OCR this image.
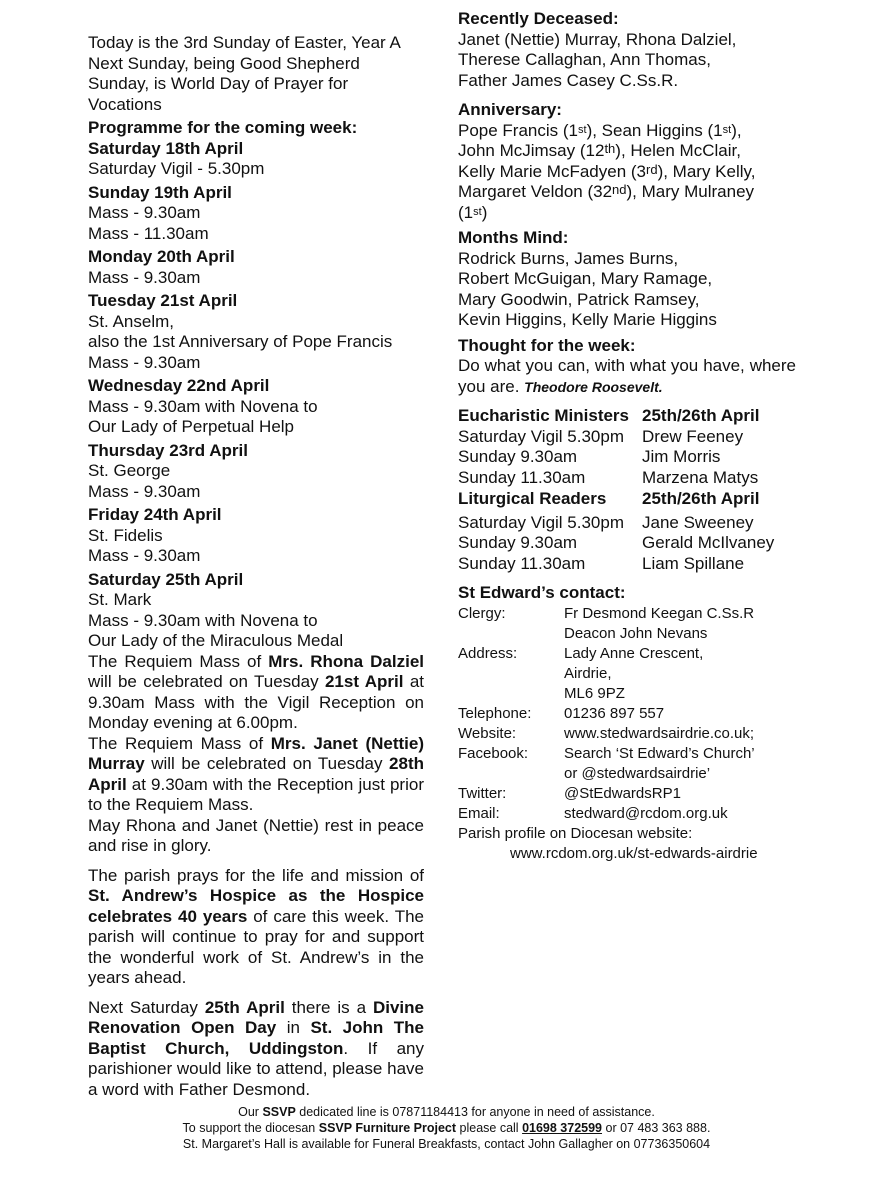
Today is the 3rd Sunday of Easter, Year A

Next Sunday, being Good Shepherd Sunday, is World Day of Prayer for Vocations

Programme for the coming week:

Saturday 18th April

Saturday Vigil - 5.30pm

Sunday 19th April

Mass - 9.30am

Mass - 11.30am

Monday 20th April

Mass - 9.30am

Tuesday 21st April

St. Anselm,

also the 1st Anniversary of Pope Francis

Mass - 9.30am

Wednesday 22nd April

Mass - 9.30am with Novena to

Our Lady of Perpetual Help

Thursday 23rd April

St. George

Mass - 9.30am

Friday 24th April

St. Fidelis

Mass - 9.30am

Saturday 25th April

St. Mark

Mass - 9.30am with Novena to

Our Lady of the Miraculous Medal

The Requiem Mass of Mrs. Rhona Dalziel will be celebrated on Tuesday 21st April at 9.30am Mass with the Vigil Reception on Monday evening at 6.00pm.

The Requiem Mass of Mrs. Janet (Nettie) Murray will be celebrated on Tuesday 28th April at 9.30am with the Reception just prior to the Requiem Mass.

May Rhona and Janet (Nettie) rest in peace and rise in glory.

The parish prays for the life and mission of St. Andrew’s Hospice as the Hospice celebrates 40 years of care this week. The parish will continue to pray for and support the wonderful work of St. Andrew’s in the years ahead.

Next Saturday 25th April there is a Divine Renovation Open Day in St. John The Baptist Church, Uddingston. If any parishioner would like to attend, please have a word with Father Desmond.

Recently Deceased:

Janet (Nettie) Murray, Rhona Dalziel,

Therese Callaghan, Ann Thomas,

Father James Casey C.Ss.R.

Anniversary:

Pope Francis (1st), Sean Higgins (1st),

John McJimsay (12th), Helen McClair,

Kelly Marie McFadyen (3rd), Mary Kelly,

Margaret Veldon (32nd), Mary Mulraney

(1st)

Months Mind:

Rodrick Burns, James Burns,

Robert McGuigan, Mary Ramage,

Mary Goodwin, Patrick Ramsey,

Kevin Higgins, Kelly Marie Higgins

Thought for the week:

Do what you can, with what you have, where you are. Theodore Roosevelt.

Eucharistic Ministers 25th/26th April
Saturday Vigil 5.30pm	Drew Feeney
Sunday 9.30am	Jim Morris
Sunday 11.30am	Marzena Matys
Liturgical Readers	25th/26th April
Saturday Vigil 5.30pm	Jane Sweeney
Sunday 9.30am	Gerald McIlvaney
Sunday 11.30am	Liam Spillane

St Edward’s contact:

Clergy:	Fr Desmond Keegan C.Ss.R
Deacon John Nevans
Address:	Lady Anne Crescent,
Airdrie,
ML6 9PZ
Telephone:	01236 897 557
Website:	www.stedwardsairdrie.co.uk;
Facebook:	Search ‘St Edward’s Church’
or @stedwardsairdrie’
Twitter:	@StEdwardsRP1
Email:	stedward@rcdom.org.uk

Parish profile on Diocesan website:

www.rcdom.org.uk/st-edwards-airdrie

Our SSVP dedicated line is 07871184413 for anyone in need of assistance.

To support the diocesan SSVP Furniture Project please call 01698 372599 or 07 483 363 888.

St. Margaret’s Hall is available for Funeral Breakfasts, contact John Gallagher on 07736350604
